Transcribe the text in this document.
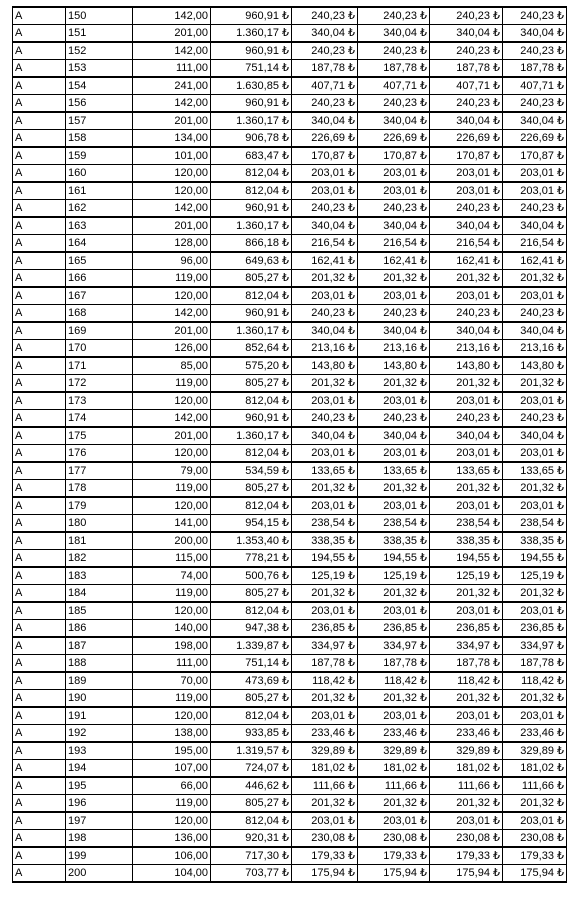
A	150	142,00	960,91 ₺	240,23 ₺	240,23 ₺	240,23 ₺	240,23 ₺
A	151	201,00	1.360,17 ₺	340,04 ₺	340,04 ₺	340,04 ₺	340,04 ₺
A	152	142,00	960,91 ₺	240,23 ₺	240,23 ₺	240,23 ₺	240,23 ₺
A	153	111,00	751,14 ₺	187,78 ₺	187,78 ₺	187,78 ₺	187,78 ₺
A	154	241,00	1.630,85 ₺	407,71 ₺	407,71 ₺	407,71 ₺	407,71 ₺
A	156	142,00	960,91 ₺	240,23 ₺	240,23 ₺	240,23 ₺	240,23 ₺
A	157	201,00	1.360,17 ₺	340,04 ₺	340,04 ₺	340,04 ₺	340,04 ₺
A	158	134,00	906,78 ₺	226,69 ₺	226,69 ₺	226,69 ₺	226,69 ₺
A	159	101,00	683,47 ₺	170,87 ₺	170,87 ₺	170,87 ₺	170,87 ₺
A	160	120,00	812,04 ₺	203,01 ₺	203,01 ₺	203,01 ₺	203,01 ₺
A	161	120,00	812,04 ₺	203,01 ₺	203,01 ₺	203,01 ₺	203,01 ₺
A	162	142,00	960,91 ₺	240,23 ₺	240,23 ₺	240,23 ₺	240,23 ₺
A	163	201,00	1.360,17 ₺	340,04 ₺	340,04 ₺	340,04 ₺	340,04 ₺
A	164	128,00	866,18 ₺	216,54 ₺	216,54 ₺	216,54 ₺	216,54 ₺
A	165	96,00	649,63 ₺	162,41 ₺	162,41 ₺	162,41 ₺	162,41 ₺
A	166	119,00	805,27 ₺	201,32 ₺	201,32 ₺	201,32 ₺	201,32 ₺
A	167	120,00	812,04 ₺	203,01 ₺	203,01 ₺	203,01 ₺	203,01 ₺
A	168	142,00	960,91 ₺	240,23 ₺	240,23 ₺	240,23 ₺	240,23 ₺
A	169	201,00	1.360,17 ₺	340,04 ₺	340,04 ₺	340,04 ₺	340,04 ₺
A	170	126,00	852,64 ₺	213,16 ₺	213,16 ₺	213,16 ₺	213,16 ₺
A	171	85,00	575,20 ₺	143,80 ₺	143,80 ₺	143,80 ₺	143,80 ₺
A	172	119,00	805,27 ₺	201,32 ₺	201,32 ₺	201,32 ₺	201,32 ₺
A	173	120,00	812,04 ₺	203,01 ₺	203,01 ₺	203,01 ₺	203,01 ₺
A	174	142,00	960,91 ₺	240,23 ₺	240,23 ₺	240,23 ₺	240,23 ₺
A	175	201,00	1.360,17 ₺	340,04 ₺	340,04 ₺	340,04 ₺	340,04 ₺
A	176	120,00	812,04 ₺	203,01 ₺	203,01 ₺	203,01 ₺	203,01 ₺
A	177	79,00	534,59 ₺	133,65 ₺	133,65 ₺	133,65 ₺	133,65 ₺
A	178	119,00	805,27 ₺	201,32 ₺	201,32 ₺	201,32 ₺	201,32 ₺
A	179	120,00	812,04 ₺	203,01 ₺	203,01 ₺	203,01 ₺	203,01 ₺
A	180	141,00	954,15 ₺	238,54 ₺	238,54 ₺	238,54 ₺	238,54 ₺
A	181	200,00	1.353,40 ₺	338,35 ₺	338,35 ₺	338,35 ₺	338,35 ₺
A	182	115,00	778,21 ₺	194,55 ₺	194,55 ₺	194,55 ₺	194,55 ₺
A	183	74,00	500,76 ₺	125,19 ₺	125,19 ₺	125,19 ₺	125,19 ₺
A	184	119,00	805,27 ₺	201,32 ₺	201,32 ₺	201,32 ₺	201,32 ₺
A	185	120,00	812,04 ₺	203,01 ₺	203,01 ₺	203,01 ₺	203,01 ₺
A	186	140,00	947,38 ₺	236,85 ₺	236,85 ₺	236,85 ₺	236,85 ₺
A	187	198,00	1.339,87 ₺	334,97 ₺	334,97 ₺	334,97 ₺	334,97 ₺
A	188	111,00	751,14 ₺	187,78 ₺	187,78 ₺	187,78 ₺	187,78 ₺
A	189	70,00	473,69 ₺	118,42 ₺	118,42 ₺	118,42 ₺	118,42 ₺
A	190	119,00	805,27 ₺	201,32 ₺	201,32 ₺	201,32 ₺	201,32 ₺
A	191	120,00	812,04 ₺	203,01 ₺	203,01 ₺	203,01 ₺	203,01 ₺
A	192	138,00	933,85 ₺	233,46 ₺	233,46 ₺	233,46 ₺	233,46 ₺
A	193	195,00	1.319,57 ₺	329,89 ₺	329,89 ₺	329,89 ₺	329,89 ₺
A	194	107,00	724,07 ₺	181,02 ₺	181,02 ₺	181,02 ₺	181,02 ₺
A	195	66,00	446,62 ₺	111,66 ₺	111,66 ₺	111,66 ₺	111,66 ₺
A	196	119,00	805,27 ₺	201,32 ₺	201,32 ₺	201,32 ₺	201,32 ₺
A	197	120,00	812,04 ₺	203,01 ₺	203,01 ₺	203,01 ₺	203,01 ₺
A	198	136,00	920,31 ₺	230,08 ₺	230,08 ₺	230,08 ₺	230,08 ₺
A	199	106,00	717,30 ₺	179,33 ₺	179,33 ₺	179,33 ₺	179,33 ₺
A	200	104,00	703,77 ₺	175,94 ₺	175,94 ₺	175,94 ₺	175,94 ₺
